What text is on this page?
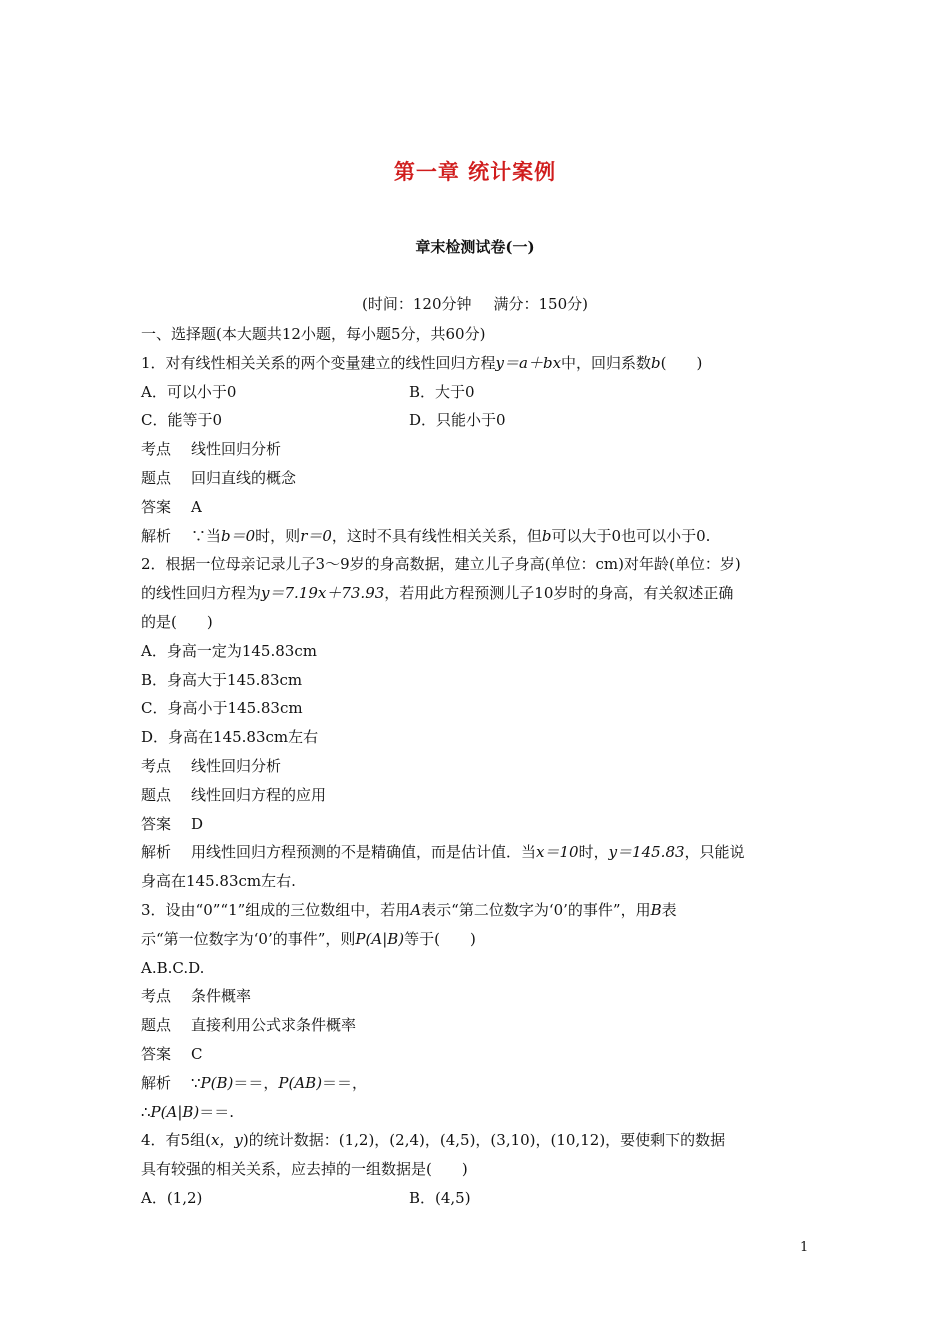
第一章 统计案例
章末检测试卷(一)
(时间：120分钟 满分：150分)
一、选择题(本大题共12小题，每小题5分，共60分)
1．对有线性相关关系的两个变量建立的线性回归方程y＝a＋bx中，回归系数b(　　)
A．可以小于0	B．大于0
C．能等于0	D．只能小于0
考点 线性回归分析
题点 回归直线的概念
答案 A
解析 ∵当b＝0时，则r＝0，这时不具有线性相关关系，但b可以大于0也可以小于0.
2．根据一位母亲记录儿子3～9岁的身高数据，建立儿子身高(单位：cm)对年龄(单位：岁)
的线性回归方程为y＝7.19x＋73.93，若用此方程预测儿子10岁时的身高，有关叙述正确
的是(　　)
A．身高一定为145.83cm
B．身高大于145.83cm
C．身高小于145.83cm
D．身高在145.83cm左右
考点 线性回归分析
题点 线性回归方程的应用
答案 D
解析 用线性回归方程预测的不是精确值，而是估计值．当x＝10时，y＝145.83，只能说
身高在145.83cm左右.
3．设由“0”“1”组成的三位数组中，若用A表示“第二位数字为‘0’的事件”，用B表
示“第一位数字为‘0’的事件”，则P(A|B)等于(　　)
A.B.C.D.
考点 条件概率
题点 直接利用公式求条件概率
答案 C
解析 ∵P(B)＝＝，P(AB)＝＝，
∴P(A|B)＝＝.
4．有5组(x，y)的统计数据：(1,2)，(2,4)，(4,5)，(3,10)，(10,12)，要使剩下的数据
具有较强的相关关系，应去掉的一组数据是(　　)
A．(1,2)	B．(4,5)
1
